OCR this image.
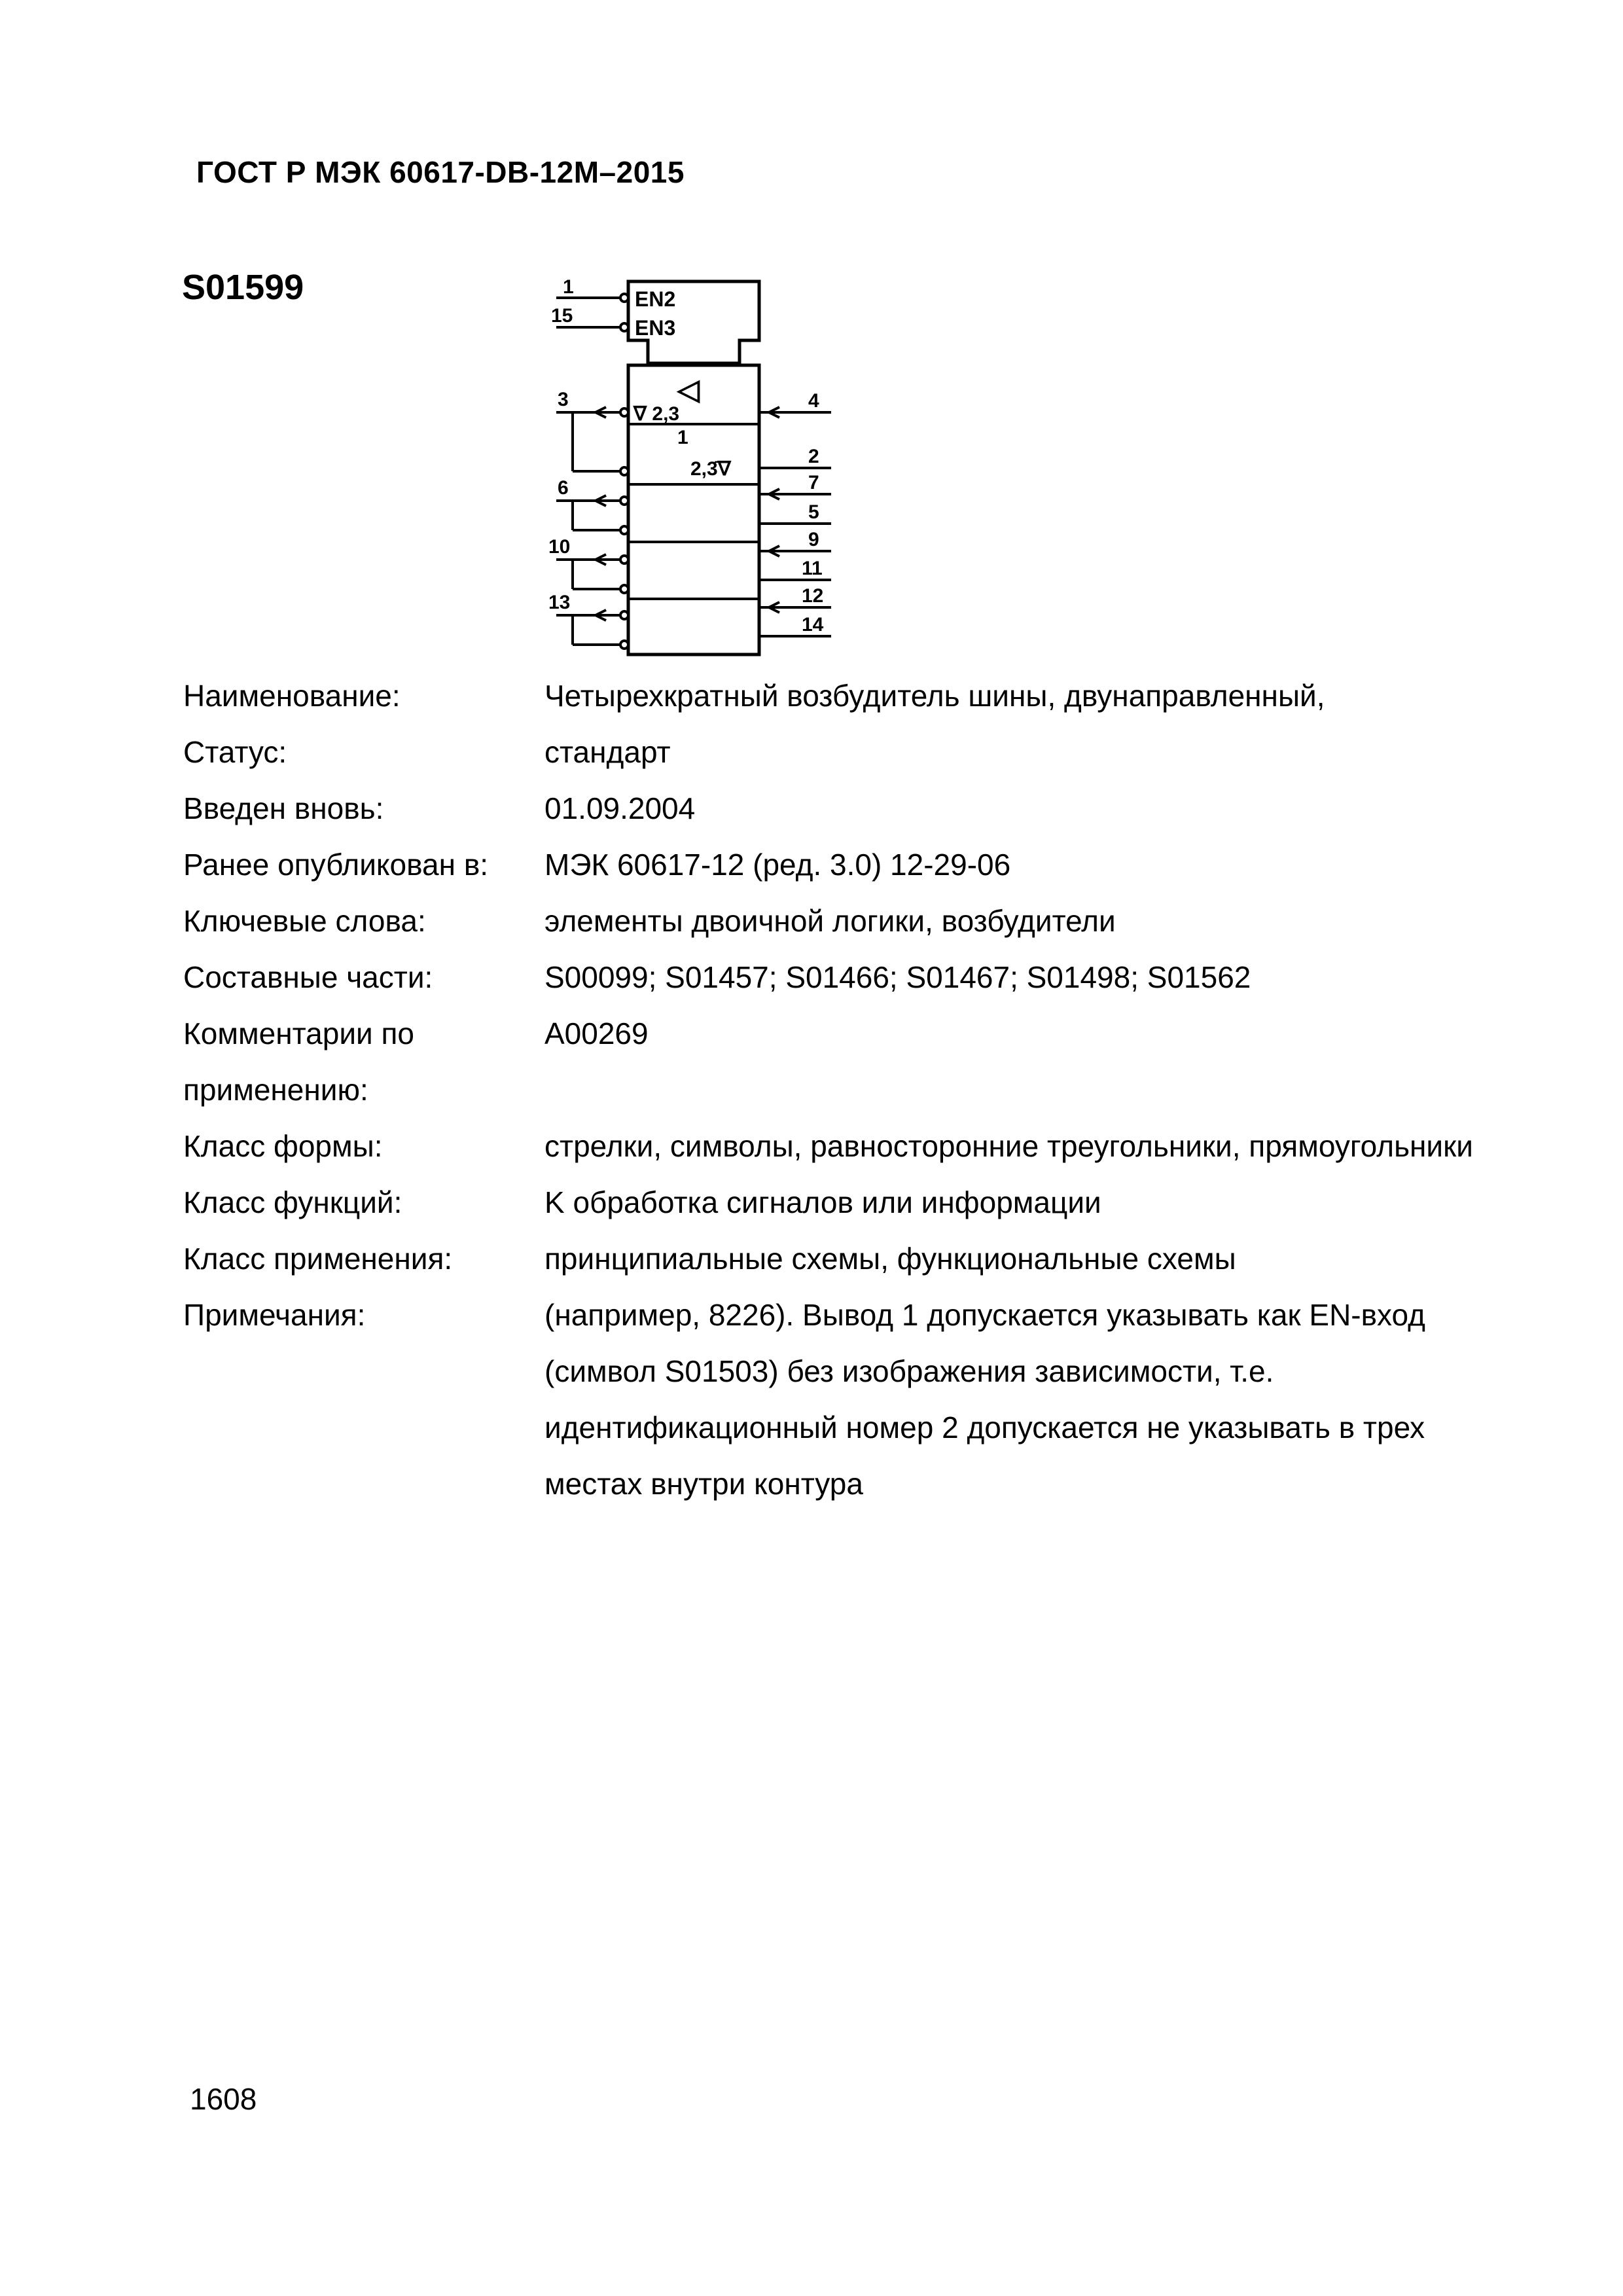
ГОСТ Р МЭК 60617-DB-12M–2015
S01599	1
15
EN2
EN3
◁
∇ 2,3
1
2,3̄∇
3
6
10
13
4
2
7
5
9
11
12
14
Наименование:	Четырехкратный возбудитель шины, двунаправленный,
Статус:	стандарт
Введен вновь:	01.09.2004
Ранее опубликован в:	МЭК 60617-12 (ред. 3.0) 12-29-06
Ключевые слова:	элементы двоичной логики, возбудители
Составные части:	S00099; S01457; S01466; S01467; S01498; S01562
Комментарии по применению:
A00269
Класс формы:	стрелки, символы, равносторонние треугольники, прямоугольники
Класс функций:	K обработка сигналов или информации
Класс применения:	принципиальные схемы, функциональные схемы
Примечания:	(например, 8226). Вывод 1 допускается указывать как EN-вход (символ S01503) без изображения зависимости, т.е. идентификационный номер 2 допускается не указывать в трех местах внутри контура
1608
